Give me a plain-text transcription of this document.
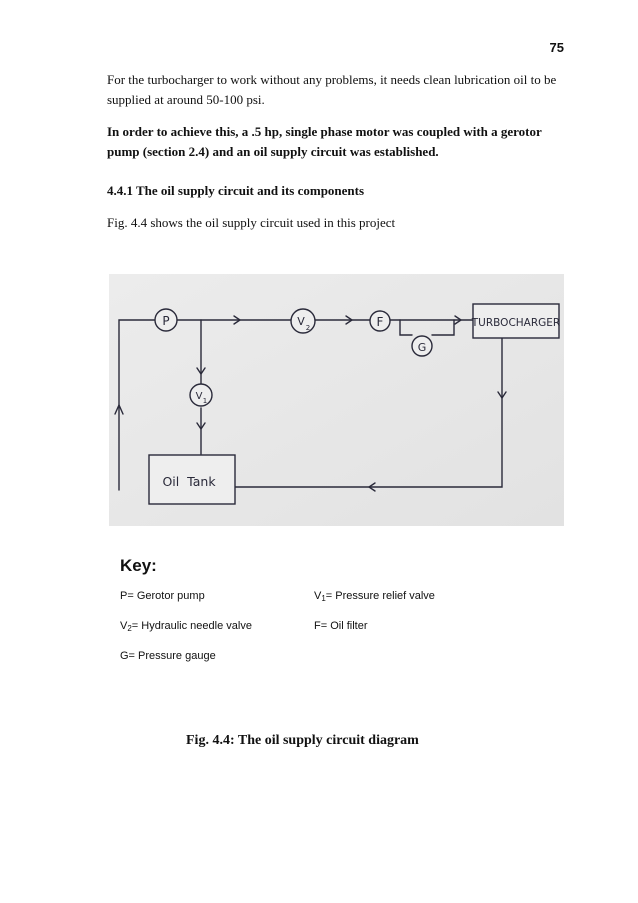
75
For the turbocharger to work without any problems, it needs clean lubrication oil to be supplied at around 50-100 psi.
In order to achieve this, a .5 hp, single phase motor was coupled with a gerotor pump (section 2.4) and an oil supply circuit was established.
4.4.1 The oil supply circuit and its components
Fig. 4.4 shows the oil supply circuit used in this project
P	V 2	F
G
V 1
TURBOCHARGER
Oil  Tank
Key:
P= Gerotor pump	$V_1=$ Pressure relief valve
$V_2=$ Hydraulic needle valve	F= Oil filter
G= Pressure gauge
Fig. 4.4: The oil supply circuit diagram
